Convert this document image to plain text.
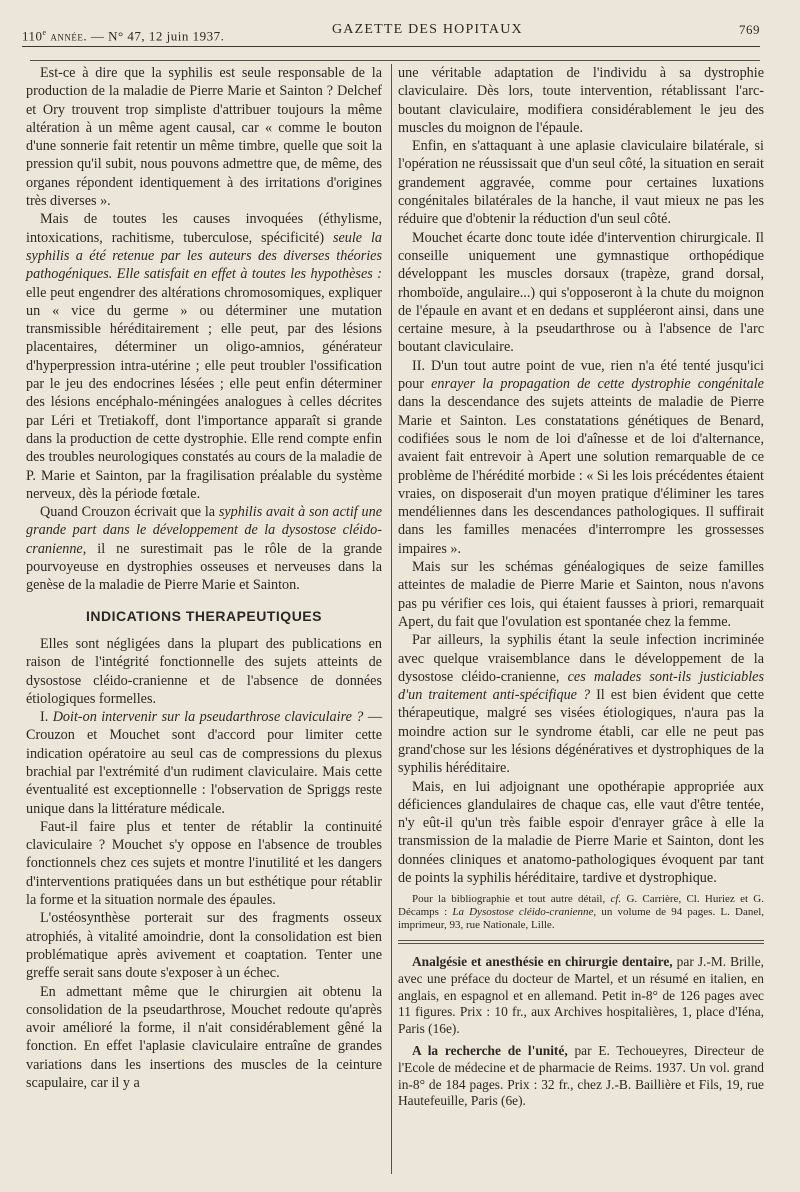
110e année. — N° 47, 12 juin 1937.	GAZETTE DES HOPITAUX	769

Est-ce à dire que la syphilis est seule responsable de la production de la maladie de Pierre Marie et Sainton ? Delchef et Ory trouvent trop simpliste d'attribuer toujours la même altération à un même agent causal, car « comme le bouton d'une sonnerie fait retentir un même timbre, quelle que soit la pression qu'il subit, nous pouvons admettre que, de même, des organes répondent identiquement à des irritations d'origines très diverses ».

Mais de toutes les causes invoquées (éthylisme, intoxications, rachitisme, tuberculose, spécificité) seule la syphilis a été retenue par les auteurs des diverses théories pathogéniques. Elle satisfait en effet à toutes les hypothèses : elle peut engendrer des altérations chromosomiques, expliquer un « vice du germe » ou déterminer une mutation transmissible héréditairement ; elle peut, par des lésions placentaires, déterminer un oligo-amnios, générateur d'hyperpression intra-utérine ; elle peut troubler l'ossification par le jeu des endocrines lésées ; elle peut enfin déterminer des lésions encéphalo-méningées analogues à celles décrites par Léri et Tretiakoff, dont l'importance apparaît si grande dans la production de cette dystrophie. Elle rend compte enfin des troubles neurologiques constatés au cours de la maladie de P. Marie et Sainton, par la fragilisation préalable du système nerveux, dès la période fœtale.

Quand Crouzon écrivait que la syphilis avait à son actif une grande part dans le développement de la dysostose cléido-cranienne, il ne surestimait pas le rôle de la grande pourvoyeuse en dystrophies osseuses et nerveuses dans la genèse de la maladie de Pierre Marie et Sainton.

INDICATIONS THERAPEUTIQUES

Elles sont négligées dans la plupart des publications en raison de l'intégrité fonctionnelle des sujets atteints de dysostose cléido-cranienne et de l'absence de données étiologiques formelles.

I. Doit-on intervenir sur la pseudarthrose claviculaire ? — Crouzon et Mouchet sont d'accord pour limiter cette indication opératoire au seul cas de compressions du plexus brachial par l'extrémité d'un rudiment claviculaire. Mais cette éventualité est exceptionnelle : l'observation de Spriggs reste unique dans la littérature médicale.

Faut-il faire plus et tenter de rétablir la continuité claviculaire ? Mouchet s'y oppose en l'absence de troubles fonctionnels chez ces sujets et montre l'inutilité et les dangers d'interventions pratiquées dans un but esthétique pour rétablir la forme et la situation normale des épaules.

L'ostéosynthèse porterait sur des fragments osseux atrophiés, à vitalité amoindrie, dont la consolidation est bien problématique après avivement et coaptation. Tenter une greffe serait sans doute s'exposer à un échec.

En admettant même que le chirurgien ait obtenu la consolidation de la pseudarthrose, Mouchet redoute qu'après avoir amélioré la forme, il n'ait considérablement gêné la fonction. En effet l'aplasie claviculaire entraîne de grandes variations dans les insertions des muscles de la ceinture scapulaire, car il y a

une véritable adaptation de l'individu à sa dystrophie claviculaire. Dès lors, toute intervention, rétablissant l'arc-boutant claviculaire, modifiera considérablement le jeu des muscles du moignon de l'épaule.

Enfin, en s'attaquant à une aplasie claviculaire bilatérale, si l'opération ne réussissait que d'un seul côté, la situation en serait grandement aggravée, comme pour certaines luxations congénitales bilatérales de la hanche, il vaut mieux ne pas les réduire que d'obtenir la réduction d'un seul côté.

Mouchet écarte donc toute idée d'intervention chirurgicale. Il conseille uniquement une gymnastique orthopédique développant les muscles dorsaux (trapèze, grand dorsal, rhomboïde, angulaire...) qui s'opposeront à la chute du moignon de l'épaule en avant et en dedans et suppléeront ainsi, dans une certaine mesure, à la pseudarthrose ou à l'absence de l'arc boutant claviculaire.

II. D'un tout autre point de vue, rien n'a été tenté jusqu'ici pour enrayer la propagation de cette dystrophie congénitale dans la descendance des sujets atteints de maladie de Pierre Marie et Sainton. Les constatations génétiques de Benard, codifiées sous le nom de loi d'aînesse et de loi d'alternance, avaient fait entrevoir à Apert une solution remarquable de ce problème de l'hérédité morbide : « Si les lois précédentes étaient vraies, on disposerait d'un moyen pratique d'éliminer les tares mendéliennes dans les descendances pathologiques. Il suffirait dans les familles menacées d'interrompre les grossesses impaires ».

Mais sur les schémas généalogiques de seize familles atteintes de maladie de Pierre Marie et Sainton, nous n'avons pas pu vérifier ces lois, qui étaient fausses à priori, remarquait Apert, du fait que l'ovulation est spontanée chez la femme.

Par ailleurs, la syphilis étant la seule infection incriminée avec quelque vraisemblance dans le développement de la dysostose cléido-cranienne, ces malades sont-ils justiciables d'un traitement anti-spécifique ? Il est bien évident que cette thérapeutique, malgré ses visées étiologiques, n'aura pas la moindre action sur le syndrome établi, car elle ne peut pas grand'chose sur les lésions dégénératives et dystrophiques de la syphilis héréditaire.

Mais, en lui adjoignant une opothérapie appropriée aux déficiences glandulaires de chaque cas, elle vaut d'être tentée, n'y eût-il qu'un très faible espoir d'enrayer grâce à elle la transmission de la maladie de Pierre Marie et Sainton, dont les données cliniques et anatomo-pathologiques évoquent par tant de points la syphilis héréditaire, tardive et dystrophique.

Pour la bibliographie et tout autre détail, cf. G. Carrière, Cl. Huriez et G. Décamps : La Dysostose cléido-cranienne, un volume de 94 pages. L. Danel, imprimeur, 93, rue Nationale, Lille.

Analgésie et anesthésie en chirurgie dentaire, par J.-M. Brille, avec une préface du docteur de Martel, et un résumé en italien, en anglais, en espagnol et en allemand. Petit in-8° de 126 pages avec 11 figures. Prix : 10 fr., aux Archives hospitalières, 1, place d'Iéna, Paris (16e).

A la recherche de l'unité, par E. Techoueyres, Directeur de l'Ecole de médecine et de pharmacie de Reims. 1937. Un vol. grand in-8° de 184 pages. Prix : 32 fr., chez J.-B. Baillière et Fils, 19, rue Hautefeuille, Paris (6e).
